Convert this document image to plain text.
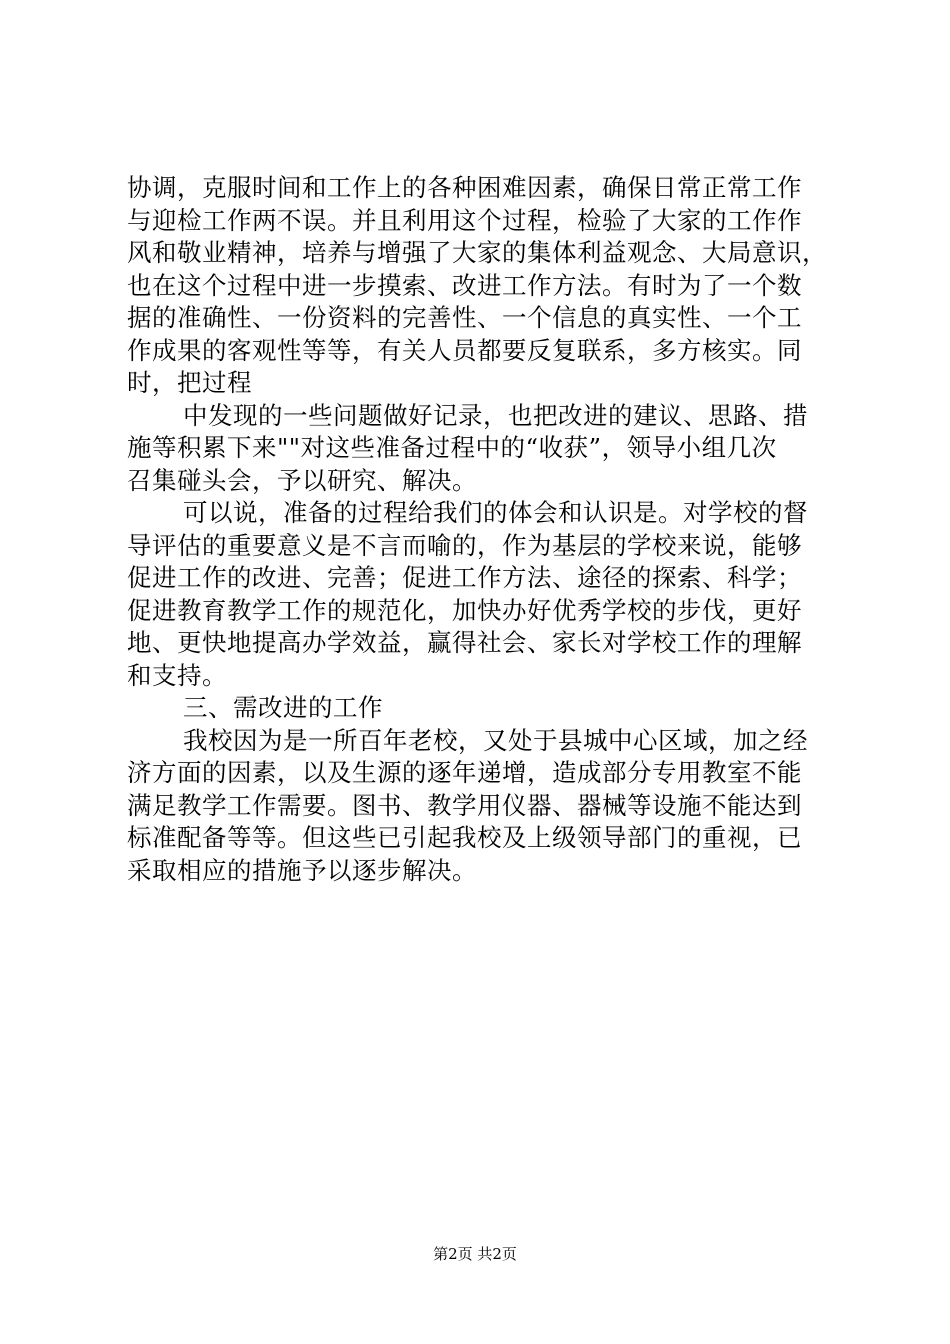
协调，克服时间和工作上的各种困难因素，确保日常正常工作
与迎检工作两不误。并且利用这个过程，检验了大家的工作作
风和敬业精神，培养与增强了大家的集体利益观念、大局意识，
也在这个过程中进一步摸索、改进工作方法。有时为了一个数
据的准确性、一份资料的完善性、一个信息的真实性、一个工
作成果的客观性等等，有关人员都要反复联系，多方核实。同
时，把过程
中发现的一些问题做好记录，也把改进的建议、思路、措
施等积累下来""对这些准备过程中的“收获”，领导小组几次
召集碰头会，予以研究、解决。
可以说，准备的过程给我们的体会和认识是。对学校的督
导评估的重要意义是不言而喻的，作为基层的学校来说，能够
促进工作的改进、完善；促进工作方法、途径的探索、科学；
促进教育教学工作的规范化，加快办好优秀学校的步伐，更好
地、更快地提高办学效益，赢得社会、家长对学校工作的理解
和支持。
三、需改进的工作
我校因为是一所百年老校，又处于县城中心区域，加之经
济方面的因素，以及生源的逐年递增，造成部分专用教室不能
满足教学工作需要。图书、教学用仪器、器械等设施不能达到
标准配备等等。但这些已引起我校及上级领导部门的重视，已
采取相应的措施予以逐步解决。
第2页 共2页
